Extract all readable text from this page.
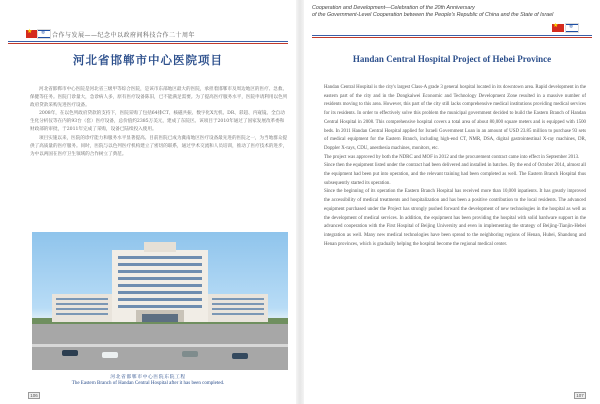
★ ✡ 合作与发展——纪念中以政府间科技合作二十周年
河北省邯郸市中心医院项目

河北省邯郸市中心医院是河北省三级甲等综合医院，是该市东部地区最大的医院，承担着邯郸市及周边地区的医疗、急救、保健等任务。医院门诊量大，急诊病人多，原有医疗设备陈旧，已不能满足需要。为了提高医疗服务水平，医院申请利用以色列政府贷款采购先进医疗设备。

2008年，在以色列政府贷款的支持下，医院采购了包括64排CT、核磁共振、数字化X光机、DR、彩超、内窥镜、全自动生化分析仪等在内的93台（套）医疗设备，总价值约2385万美元，建成了东院区。该项目于2010年通过了国家发展改革委和财政部的审批，于2011年完成了采购，设备已陆续投入使用。

项目实施以来，医院的诊疗能力和服务水平显著提高。目前医院已成为冀南地区医疗设备最先进的医院之一，为当地群众提供了高质量的医疗服务。同时，医院与以色列医疗机构建立了密切的联系，通过学术交流和人员培训，推动了医疗技术的进步，为中以两国在医疗卫生领域的合作树立了典范。

河北省邯郸市中心医院东院工程
The Eastern Branch of Handan Central Hospital after it has been completed.
106
Cooperation and Development—Celebration of the 20th Anniversary
of the Government-Level Cooperation between the People's Republic of China and the State of Israel
★ ✡
Handan Central Hospital Project of Hebei Province

Handan Central Hospital is the city's largest Class-A grade 3 general hospital located in its downtown area. Rapid development in the eastern part of the city and in the Dongkaiwei Economic and Technology Development Zone resulted in a massive number of residents moving to this area. However, this part of the city still lacks comprehensive medical institutions providing medical services for its residents. In order to effectively solve this problem the municipal government decided to build the Eastern Branch of Handan Central Hospital in 2008. This comprehensive hospital covers a total area of about 80,000 square meters and is equipped with 1500 beds. In 2011 Handan Central Hospital applied for Israeli Government Loan in an amount of USD 23.85 million to purchase 93 sets of medical equipment for the Eastern Branch, including high-end CT, NMR, DSA, digital gastrointestinal X-ray machines, DR, Doppler X-rays, CDU, anesthesia machines, monitors, etc.

The project was approved by both the NDRC and MOF in 2012 and the procurement contract came into effect in September 2013.

Since then the equipment listed under the contract had been delivered and installed in batches. By the end of October 2014, almost all the equipment had been put into operation, and the relevant training had been completed as well. The Eastern Branch Hospital thus subsequently started its operation.

Since the beginning of its operation the Eastern Branch Hospital has received more than 10,000 inpatients. It has greatly improved the accessibility of medical treatments and hospitalization and has been a positive contribution to the local residents. The advanced equipment purchased under the Project has strongly pushed forward the development of new technologies in the hospital as well as the development of medical services. In addition, the equipment has been providing the hospital with solid hardware support in the advanced cooperation with the First Hospital of Beijing University and even in implementing the strategy of Beijing-Tianjin-Hebei integration as well. Many new medical technologies have been spread to the neighboring regions of Henan, Hubei, Shandong and Henan provinces, which is gradually helping the hospital become the regional medical center.

107
